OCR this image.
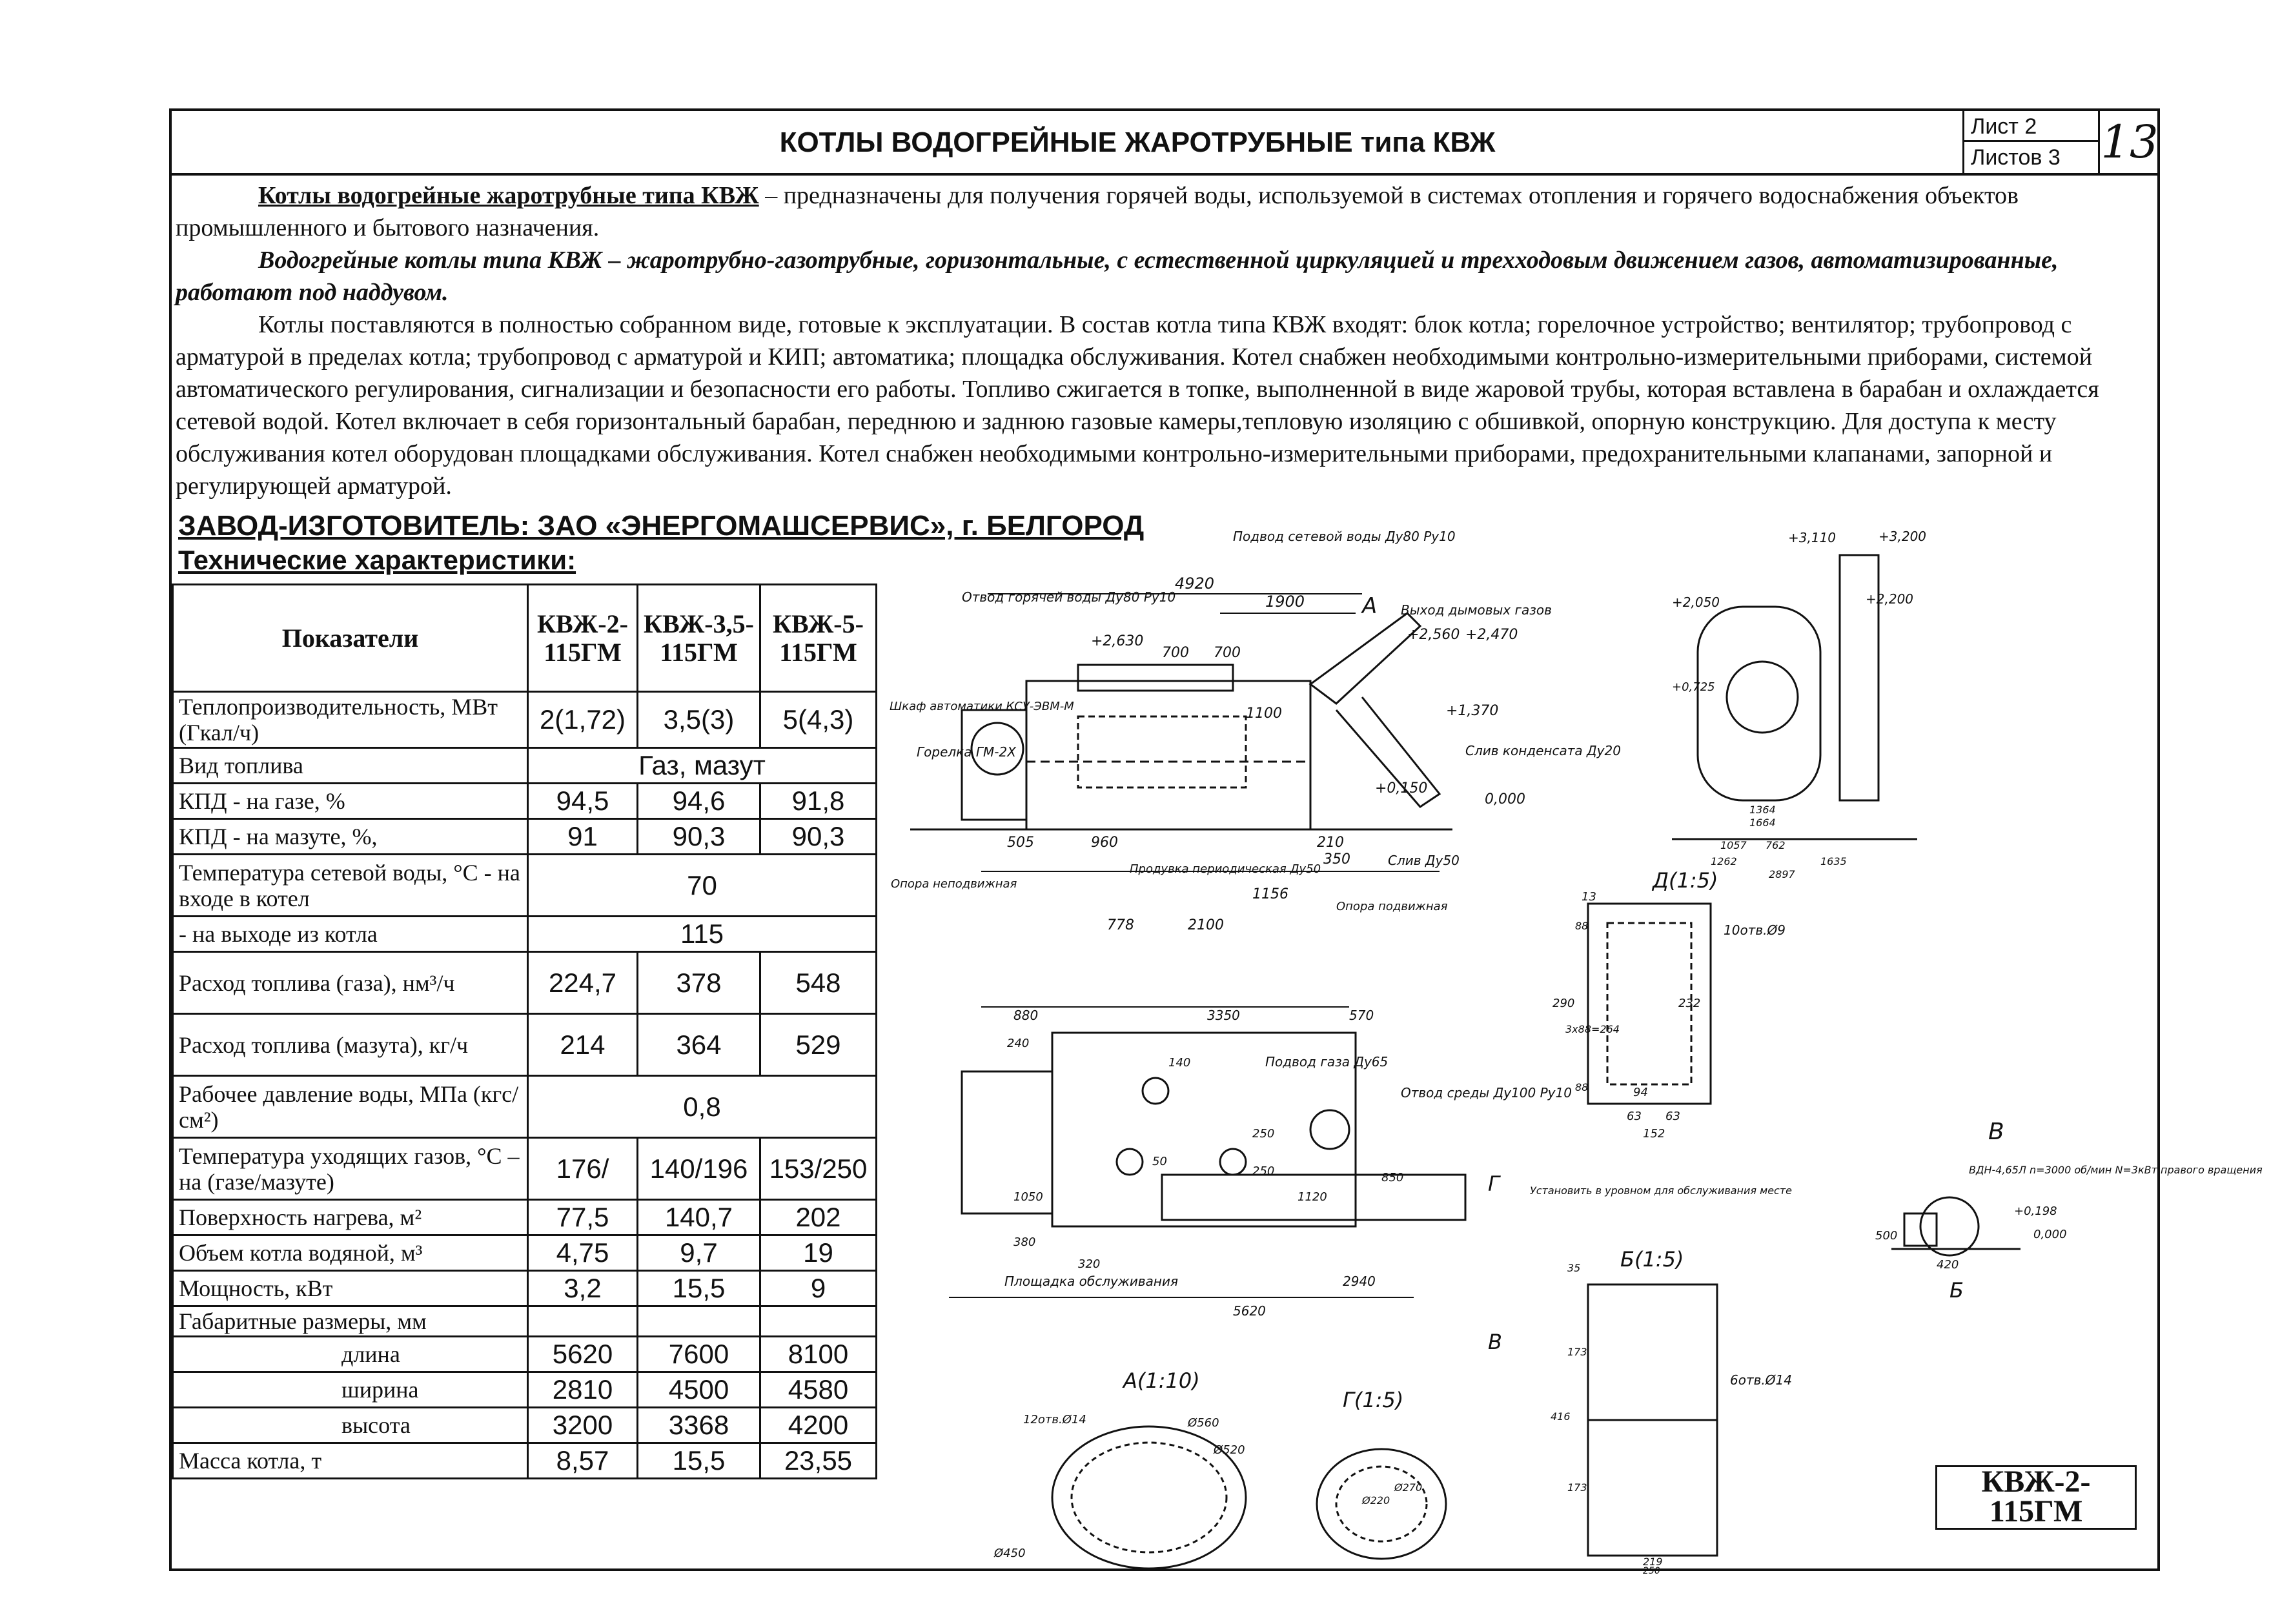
КОТЛЫ ВОДОГРЕЙНЫЕ ЖАРОТРУБНЫЕ типа КВЖ	Лист 2
Листов 3 13
Котлы водогрейные жаротрубные типа КВЖ – предназначены для получения горячей воды, используемой в системах отопления и горячего водоснабжения объектов промышленного и бытового назначения.
Водогрейные котлы типа КВЖ – жаротрубно-газотрубные, горизонтальные, с естественной циркуляцией и трехходовым движением газов, автоматизированные, работают под наддувом.
Котлы поставляются в полностью собранном виде, готовые к эксплуатации. В состав котла типа КВЖ входят: блок котла; горелочное устройство; вентилятор; трубопровод с арматурой в пределах котла; трубопровод с арматурой и КИП; автоматика; площадка обслуживания. Котел снабжен необходимыми контрольно-измерительными приборами, системой автоматического регулирования, сигнализации и безопасности его работы. Топливо сжигается в топке, выполненной в виде жаровой трубы, которая вставлена в барабан и охлаждается сетевой водой. Котел включает в себя горизонтальный барабан, переднюю и заднюю газовые камеры,тепловую изоляцию с обшивкой, опорную конструкцию. Для доступа к месту обслуживания котел оборудован площадками обслуживания. Котел снабжен необходимыми контрольно-измерительными приборами, предохранительными клапанами, запорной и регулирующей арматурой.
ЗАВОД-ИЗГОТОВИТЕЛЬ: ЗАО «ЭНЕРГОМАШСЕРВИС», г. БЕЛГОРОД
Технические характеристики:
Показатели	КВЖ-2-115ГМ	КВЖ-3,5-115ГМ	КВЖ-5-115ГМ
Теплопроизводительность, МВт (Гкал/ч)	2(1,72)	3,5(3)	5(4,3)
Вид топлива	Газ, мазут		
КПД - на газе, %	94,5	94,6	91,8
КПД - на мазуте, %,	91	90,3	90,3
Температура сетевой воды, °С - на входе в котел	70		
- на выходе из котла	115		
Расход топлива (газа), нм³/ч	224,7	378	548
Расход топлива (мазута), кг/ч	214	364	529
Рабочее давление воды, МПа (кгс/см²)	0,8		
Температура уходящих газов, °С – на (газе/мазуте)	176/	140/196	153/250
Поверхность нагрева, м²	77,5	140,7	202
Объем котла водяной, м³	4,75	9,7	19
Мощность, кВт	3,2	15,5	9
Габаритные размеры, мм			
длина	5620	7600	8100
ширина	2810	4500	4580
высота	3200	3368	4200
Масса котла, т	8,57	15,5	23,55
4920
1900
+2,630
700 700
+2,560 +2,470
1100	+1,370
+0,150
0,000
505	960	210
350
1156
778	2100
A
Подвод сетевой воды Ду80 Ру10
Отвод горячей воды Ду80 Ру10
Выход дымовых газов
Шкаф автоматики КСУ-ЭВМ-М
Горелка ГМ-2Х	Слив конденсата Ду20
Слив Ду50
Продувка периодическая Ду50
Опора неподвижная
Опора подвижная
+3,110	+3,200
+2,050	+2,200
+0,725
1364
1664
1057 762
1262	1635
2897
880	3350	570
240
140
250
250
50
1050
380
320
2940
5620
1120
850
Подвод газа Ду65
Отвод среды Ду100 Ру10
Площадка обслуживания
Установить в уровном для обслуживания месте
Д(1:5)
10отв.Ø9
13
88
290
3x88=264
88
232
94
63 63
152
Б(1:5)
6отв.Ø14
35
173
416
173
219
250
А(1:10)
12отв.Ø14	Ø560
Ø520
Ø450
Г(1:5)
Ø220
Ø270
В
ВДН-4,65Л n=3000 об/мин N=3кВт правого вращения
+0,198
0,000
500
420
Б
Г
В
КВЖ-2-115ГМ
